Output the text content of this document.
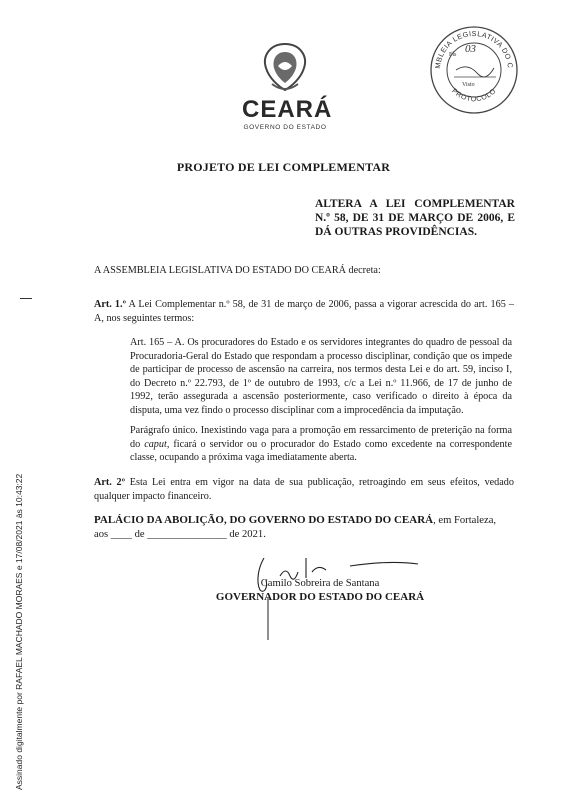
CEARÁ
GOVERNO DO ESTADO
ASSEMBLEIA LEGISLATIVA DO CEARÁ
PROTOCOLO
Fls 03
Visto
PROJETO DE LEI COMPLEMENTAR
ALTERA A LEI COMPLEMENTAR N.º 58, DE 31 DE MARÇO DE 2006, E DÁ OUTRAS PROVIDÊNCIAS.
A ASSEMBLEIA LEGISLATIVA DO ESTADO DO CEARÁ decreta:
Art. 1.º A Lei Complementar n.º 58, de 31 de março de 2006, passa a vigorar acrescida do art. 165 – A, nos seguintes termos:
Art. 165 – A. Os procuradores do Estado e os servidores integrantes do quadro de pessoal da Procuradoria-Geral do Estado que respondam a processo disciplinar, condição que os impede de participar de processo de ascensão na carreira, nos termos desta Lei e do art. 59, inciso I, do Decreto n.º 22.793, de 1º de outubro de 1993, c/c a Lei n.º 11.966, de 17 de junho de 1992, terão assegurada a ascensão posteriormente, caso verificado o direito à época da disputa, uma vez findo o processo disciplinar com a improcedência da imputação.
Parágrafo único. Inexistindo vaga para a promoção em ressarcimento de preterição na forma do caput, ficará o servidor ou o procurador do Estado como excedente na correspondente classe, ocupando a próxima vaga imediatamente aberta.
Art. 2º Esta Lei entra em vigor na data de sua publicação, retroagindo em seus efeitos, vedado qualquer impacto financeiro.
PALÁCIO DA ABOLIÇÃO, DO GOVERNO DO ESTADO DO CEARÁ, em Fortaleza,
aos ____ de _______________ de 2021.
Camilo Sobreira de Santana
GOVERNADOR DO ESTADO DO CEARÁ
Assinado digitalmente por RAFAEL MACHADO MORAES e 17/08/2021 às 10:43:22
